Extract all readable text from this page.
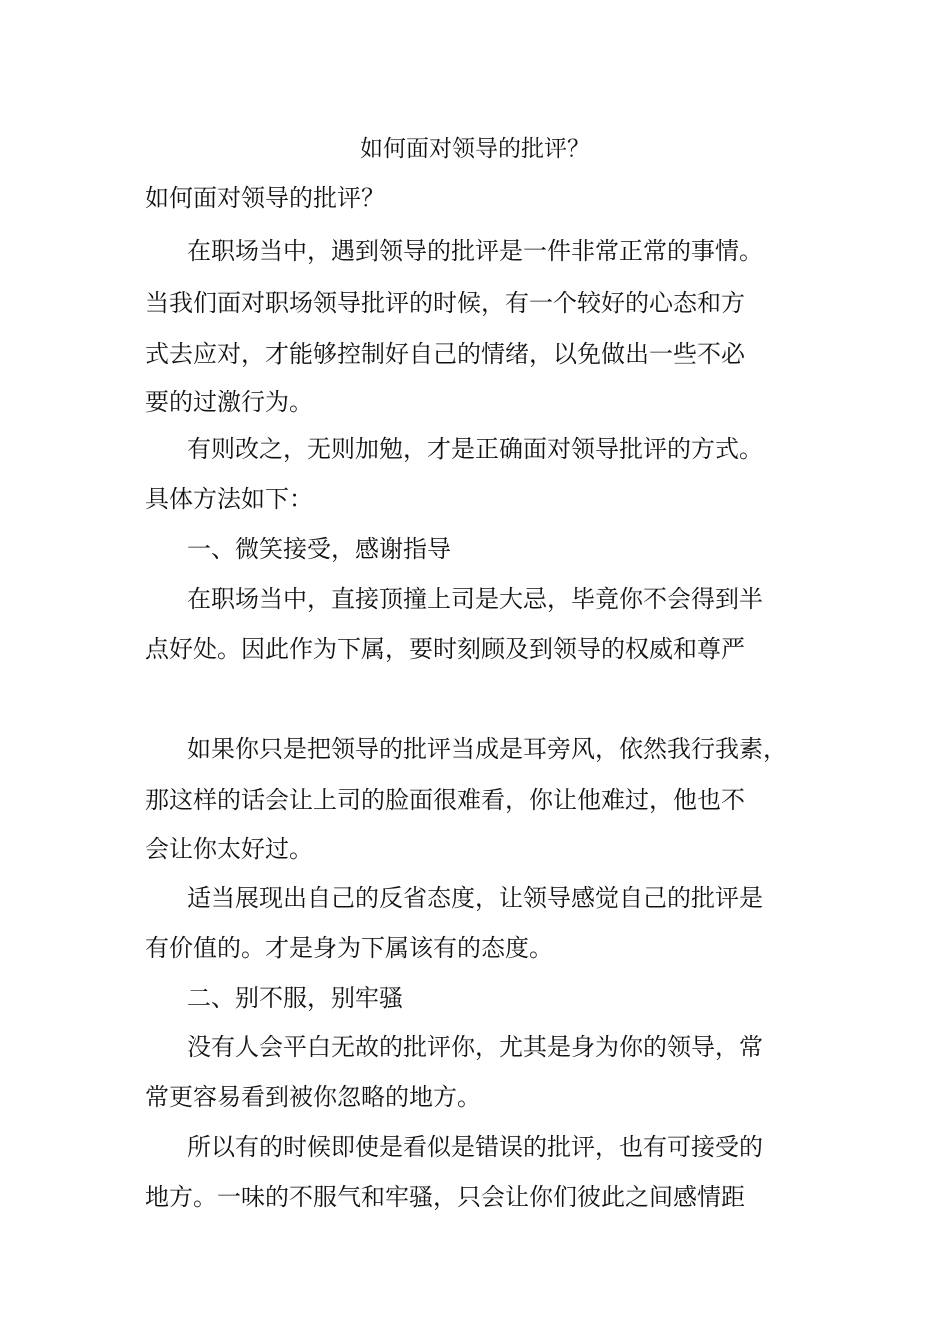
如何面对领导的批评？
如何面对领导的批评？
在职场当中，遇到领导的批评是一件非常正常的事情。
当我们面对职场领导批评的时候，有一个较好的心态和方
式去应对，才能够控制好自己的情绪，以免做出一些不必
要的过激行为。
有则改之，无则加勉，才是正确面对领导批评的方式。
具体方法如下：
一、微笑接受，感谢指导
在职场当中，直接顶撞上司是大忌，毕竟你不会得到半
点好处。因此作为下属，要时刻顾及到领导的权威和尊严
如果你只是把领导的批评当成是耳旁风，依然我行我素，
那这样的话会让上司的脸面很难看，你让他难过，他也不
会让你太好过。
适当展现出自己的反省态度，让领导感觉自己的批评是
有价值的。才是身为下属该有的态度。
二、别不服，别牢骚
没有人会平白无故的批评你，尤其是身为你的领导，常
常更容易看到被你忽略的地方。
所以有的时候即使是看似是错误的批评，也有可接受的
地方。一味的不服气和牢骚，只会让你们彼此之间感情距
